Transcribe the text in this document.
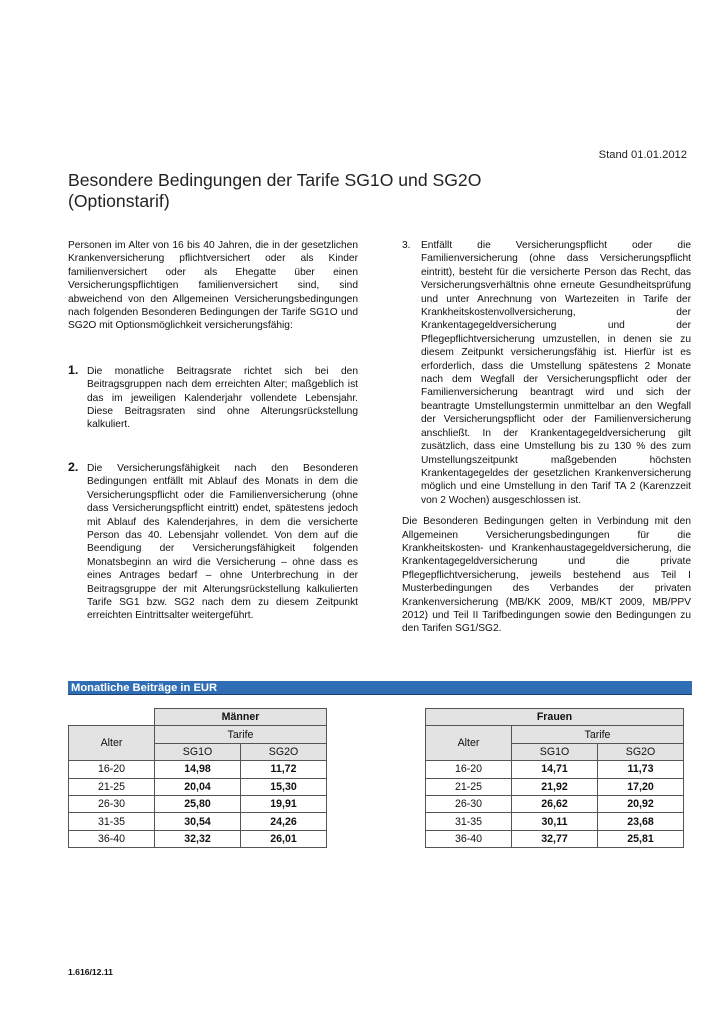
Stand 01.01.2012
Besondere Bedingungen der Tarife SG1O und SG2O
(Optionstarif)

Personen im Alter von 16 bis 40 Jahren, die in der gesetzlichen Krankenversicherung pflichtversichert oder als Kinder familienversichert oder als Ehegatte über einen Versicherungspflichtigen familienversichert sind, sind abweichend von den Allgemeinen Versicherungsbedingungen nach folgenden Besonderen Bedingungen der Tarife SG1O und SG2O mit Optionsmöglichkeit versicherungsfähig:

1. Die monatliche Beitragsrate richtet sich bei den Beitragsgruppen nach dem erreichten Alter; maßgeblich ist das im jeweiligen Kalenderjahr vollendete Lebensjahr. Diese Beitragsraten sind ohne Alterungsrückstellung kalkuliert.

2. Die Versicherungsfähigkeit nach den Besonderen Bedingungen entfällt mit Ablauf des Monats in dem die Versicherungspflicht oder die Familienversicherung (ohne dass Versicherungspflicht eintritt) endet, spätestens jedoch mit Ablauf des Kalenderjahres, in dem die versicherte Person das 40. Lebensjahr vollendet. Von dem auf die Beendigung der Versicherungsfähigkeit folgenden Monatsbeginn an wird die Versicherung – ohne dass es eines Antrages bedarf – ohne Unterbrechung in der Beitragsgruppe der mit Alterungsrückstellung kalkulierten Tarife SG1 bzw. SG2 nach dem zu diesem Zeitpunkt erreichten Eintrittsalter weitergeführt.

3. Entfällt die Versicherungspflicht oder die Familienversicherung (ohne dass Versicherungspflicht eintritt), besteht für die versicherte Person das Recht, das Versicherungsverhältnis ohne erneute Gesundheitsprüfung und unter Anrechnung von Wartezeiten in Tarife der Krankheitskostenvollversicherung, der Krankentagegeldversicherung und der Pflegepflichtversicherung umzustellen, in denen sie zu diesem Zeitpunkt versicherungsfähig ist. Hierfür ist es erforderlich, dass die Umstellung spätestens 2 Monate nach dem Wegfall der Versicherungspflicht oder der Familienversicherung beantragt wird und sich der beantragte Umstellungstermin unmittelbar an den Wegfall der Versicherungspflicht oder der Familienversicherung anschließt. In der Krankentagegeldversicherung gilt zusätzlich, dass eine Umstellung bis zu 130 % des zum Umstellungszeitpunkt maßgebenden höchsten Krankentagegeldes der gesetzlichen Krankenversicherung möglich und eine Umstellung in den Tarif TA 2 (Karenzzeit von 2 Wochen) ausgeschlossen ist.

Die Besonderen Bedingungen gelten in Verbindung mit den Allgemeinen Versicherungsbedingungen für die Krankheitskosten- und Krankenhaustagegeldversicherung, die Krankentagegeldversicherung und die private Pflegepflichtversicherung, jeweils bestehend aus Teil I Musterbedingungen des Verbandes der privaten Krankenversicherung (MB/KK 2009, MB/KT 2009, MB/PPV 2012) und Teil II Tarifbedingungen sowie den Bedingungen zu den Tarifen SG1/SG2.

Monatliche Beiträge in EUR
	Männer	
Alter	Tarife	
	SG1O	SG2O
16-20	14,98	11,72
21-25	20,04	15,30
26-30	25,80	19,91
31-35	30,54	24,26
36-40	32,32	26,01
Frauen		
Alter	Tarife	
	SG1O	SG2O
16-20	14,71	11,73
21-25	21,92	17,20
26-30	26,62	20,92
31-35	30,11	23,68
36-40	32,77	25,81
1.616/12.11
